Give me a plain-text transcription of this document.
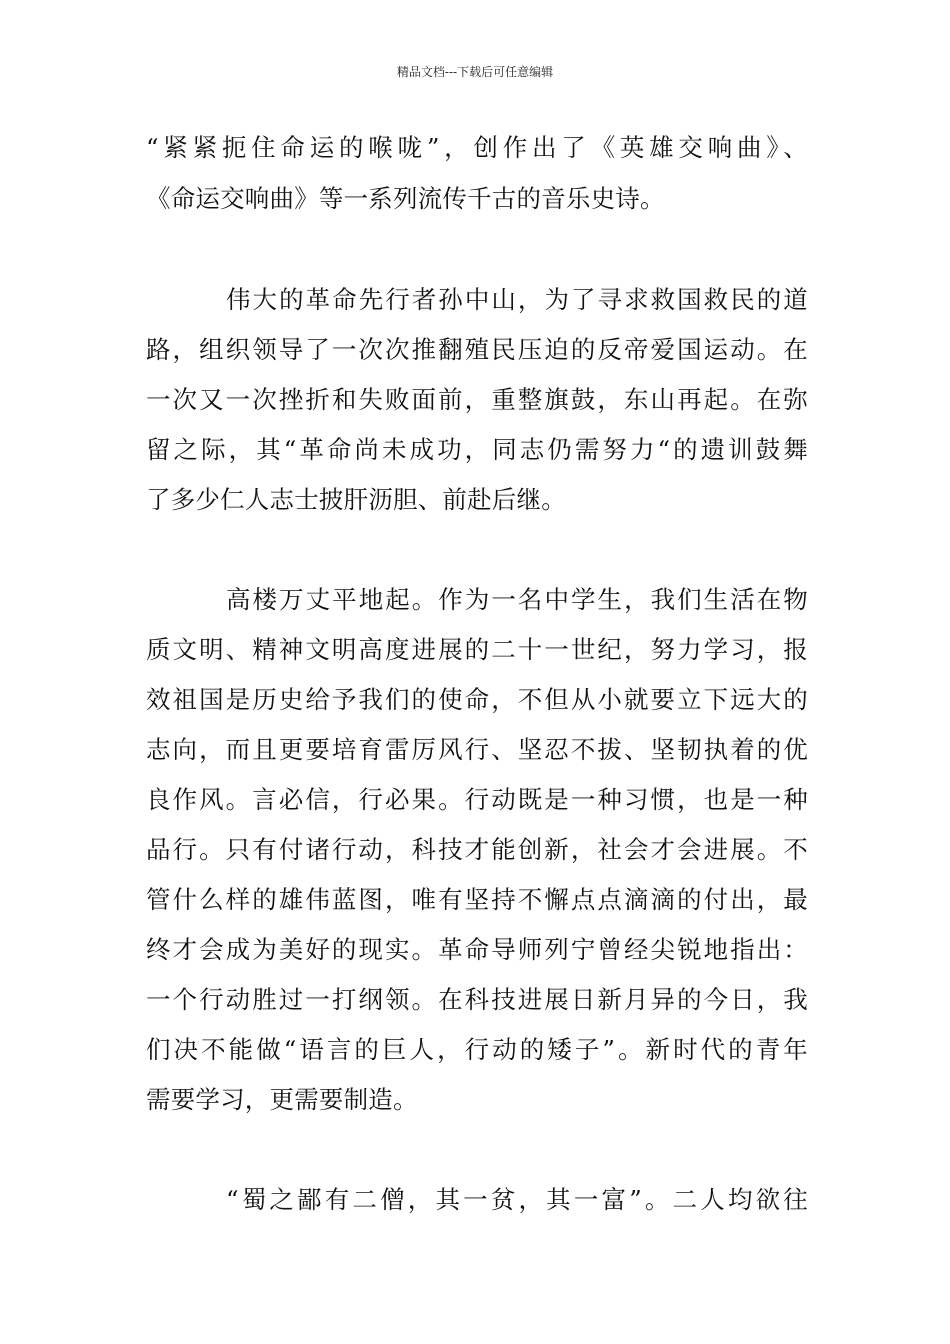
精品文档---下载后可任意编辑
“紧紧扼住命运的喉咙”，创作出了《英雄交响曲》、
《命运交响曲》等一系列流传千古的音乐史诗。
伟大的革命先行者孙中山，为了寻求救国救民的道
路，组织领导了一次次推翻殖民压迫的反帝爱国运动。在
一次又一次挫折和失败面前，重整旗鼓，东山再起。在弥
留之际，其“革命尚未成功，同志仍需努力“的遗训鼓舞
了多少仁人志士披肝沥胆、前赴后继。
高楼万丈平地起。作为一名中学生，我们生活在物
质文明、精神文明高度进展的二十一世纪，努力学习，报
效祖国是历史给予我们的使命，不但从小就要立下远大的
志向，而且更要培育雷厉风行、坚忍不拔、坚韧执着的优
良作风。言必信，行必果。行动既是一种习惯，也是一种
品行。只有付诸行动，科技才能创新，社会才会进展。不
管什么样的雄伟蓝图，唯有坚持不懈点点滴滴的付出，最
终才会成为美好的现实。革命导师列宁曾经尖锐地指出：
一个行动胜过一打纲领。在科技进展日新月异的今日，我
们决不能做“语言的巨人，行动的矮子”。新时代的青年
需要学习，更需要制造。
“蜀之鄙有二僧，其一贫，其一富”。二人均欲往
